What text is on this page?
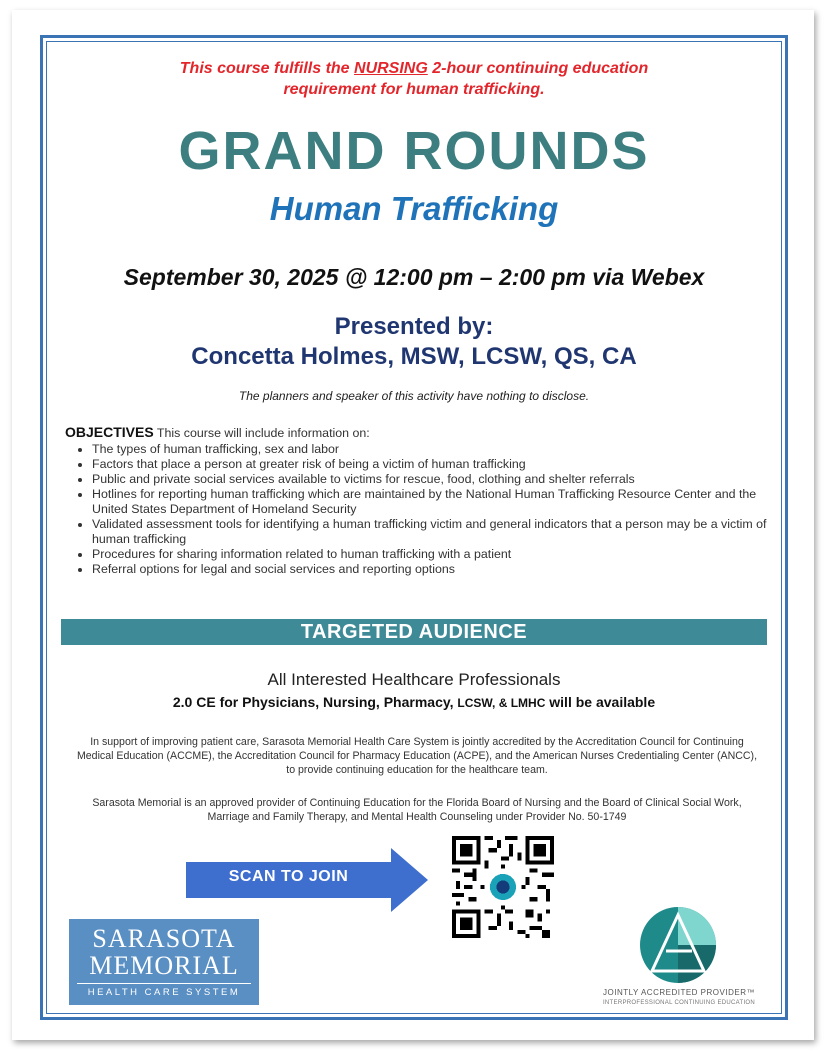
This course fulfills the NURSING 2-hour continuing education
requirement for human trafficking.
GRAND ROUNDS
Human Trafficking
September 30, 2025 @ 12:00 pm – 2:00 pm via Webex
Presented by:
Concetta Holmes, MSW, LCSW, QS, CA
The planners and speaker of this activity have nothing to disclose.
OBJECTIVES This course will include information on:
• The types of human trafficking, sex and labor
• Factors that place a person at greater risk of being a victim of human trafficking
• Public and private social services available to victims for rescue, food, clothing and shelter referrals
• Hotlines for reporting human trafficking which are maintained by the National Human Trafficking Resource Center and the United States Department of Homeland Security
• Validated assessment tools for identifying a human trafficking victim and general indicators that a person may be a victim of human trafficking
• Procedures for sharing information related to human trafficking with a patient
• Referral options for legal and social services and reporting options
TARGETED AUDIENCE
All Interested Healthcare Professionals
2.0 CE for Physicians, Nursing, Pharmacy, LCSW, & LMHC will be available
In support of improving patient care, Sarasota Memorial Health Care System is jointly accredited by the Accreditation Council for Continuing Medical Education (ACCME), the Accreditation Council for Pharmacy Education (ACPE), and the American Nurses Credentialing Center (ANCC), to provide continuing education for the healthcare team.
Sarasota Memorial is an approved provider of Continuing Education for the Florida Board of Nursing and the Board of Clinical Social Work, Marriage and Family Therapy, and Mental Health Counseling under Provider No. 50-1749
SCAN TO JOIN
SARASOTA
MEMORIAL
HEALTH CARE SYSTEM	JOINTLY ACCREDITED PROVIDER™
INTERPROFESSIONAL CONTINUING EDUCATION
